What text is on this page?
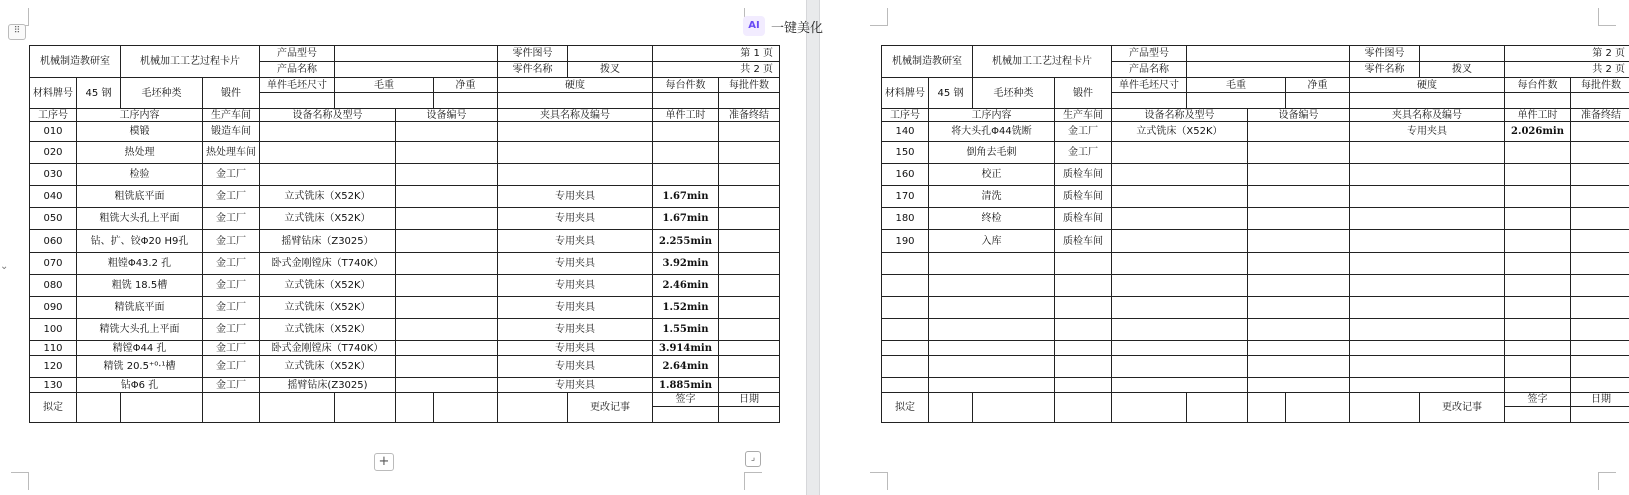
⠿	AI 一键美化
+	⌟
⌄
机械制造教研室		机械加工工艺过程卡片		产品型号				零件图号		第 1 页	
				产品名称				零件名称	拨叉	共 2 页	
材料牌号	45 钢	毛坯种类	锻件	单件毛坯尺寸	毛重		净重	硬度		每台件数	每批件数

工序号	工序内容		生产车间	设备名称及型号		设备编号		夹具名称及编号		单件工时	准备终结
010	模锻		锻造车间								
020	热处理		热处理车间								
030	检验		金工厂								
040	粗铣底平面		金工厂	立式铣床（X52K）				专用夹具		1.67min	
050	粗铣大头孔上平面		金工厂	立式铣床（X52K）				专用夹具		1.67min	
060	钻、扩、铰Φ20 H9孔		金工厂	摇臂钻床（Z3025）				专用夹具		2.255min	
070	粗镗Φ43.2 孔		金工厂	卧式金刚镗床（T740K）				专用夹具		3.92min	
080	粗铣 18.5槽		金工厂	立式铣床（X52K）				专用夹具		2.46min	
090	精铣底平面		金工厂	立式铣床（X52K）				专用夹具		1.52min	
100	精铣大头孔上平面		金工厂	立式铣床（X52K）				专用夹具		1.55min	
110	精镗Φ44 孔		金工厂	卧式金刚镗床（T740K）				专用夹具		3.914min	
120	精铣 20.5⁺⁰⋅¹槽		金工厂	立式铣床（X52K）				专用夹具		2.64min	
130	钻Φ6 孔		金工厂	摇臂钻床(Z3025)				专用夹具		1.885min	
拟定									更改记事	签字	日期

机械制造教研室		机械加工工艺过程卡片		产品型号				零件图号		第 2 页	
				产品名称				零件名称	拨叉	共 2 页	
材料牌号	45 钢	毛坯种类	锻件	单件毛坯尺寸	毛重		净重	硬度		每台件数	每批件数

工序号	工序内容		生产车间	设备名称及型号		设备编号		夹具名称及编号		单件工时	准备终结
140	将大头孔Φ44铣断		金工厂	立式铣床（X52K）				专用夹具		2.026min	
150	倒角去毛刺		金工厂								
160	校正		质检车间								
170	清洗		质检车间								
180	终检		质检车间								
190	入库		质检车间								

拟定									更改记事	签字	日期
